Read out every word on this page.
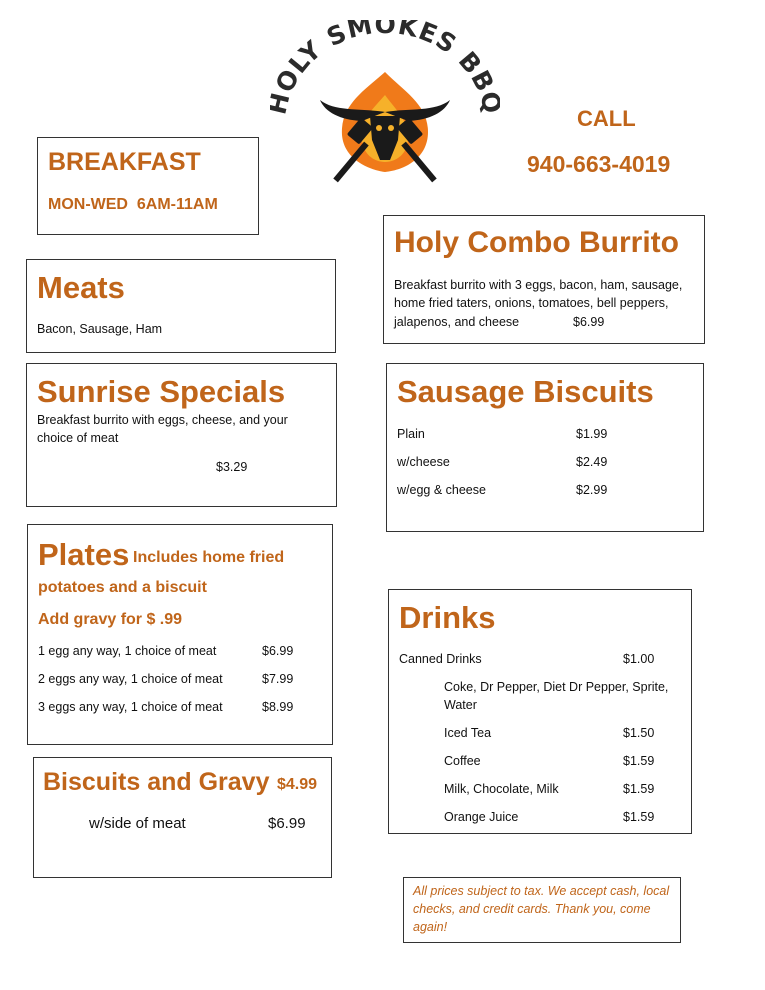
OLY SMOKES BB
CALL
940-663-4019
BREAKFAST
MON-WED  6AM-11AM
Meats
Bacon, Sausage, Ham
Holy Combo Burrito
Breakfast burrito with 3 eggs, bacon, ham, sausage,
home fried taters, onions, tomatoes, bell peppers,
jalapenos, and cheese	$6.99
Sunrise Specials
Breakfast burrito with eggs, cheese, and your
choice of meat
$3.29
Sausage Biscuits
Plain	$1.99
w/cheese	$2.49
w/egg & cheese	$2.99
Plates Includes home fried
potatoes and a biscuit
Add gravy for $ .99
1 egg any way, 1 choice of meat	$6.99
2 eggs any way, 1 choice of meat	$7.99
3 eggs any way, 1 choice of meat	$8.99
Drinks
Canned Drinks	$1.00
Coke, Dr Pepper, Diet Dr Pepper, Sprite,
Water
Iced Tea	$1.50
Coffee	$1.59
Milk, Chocolate, Milk	$1.59
Orange Juice	$1.59
Biscuits and Gravy $4.99
w/side of meat	$6.99
All prices subject to tax. We accept cash, local
checks, and credit cards. Thank you, come
again!
